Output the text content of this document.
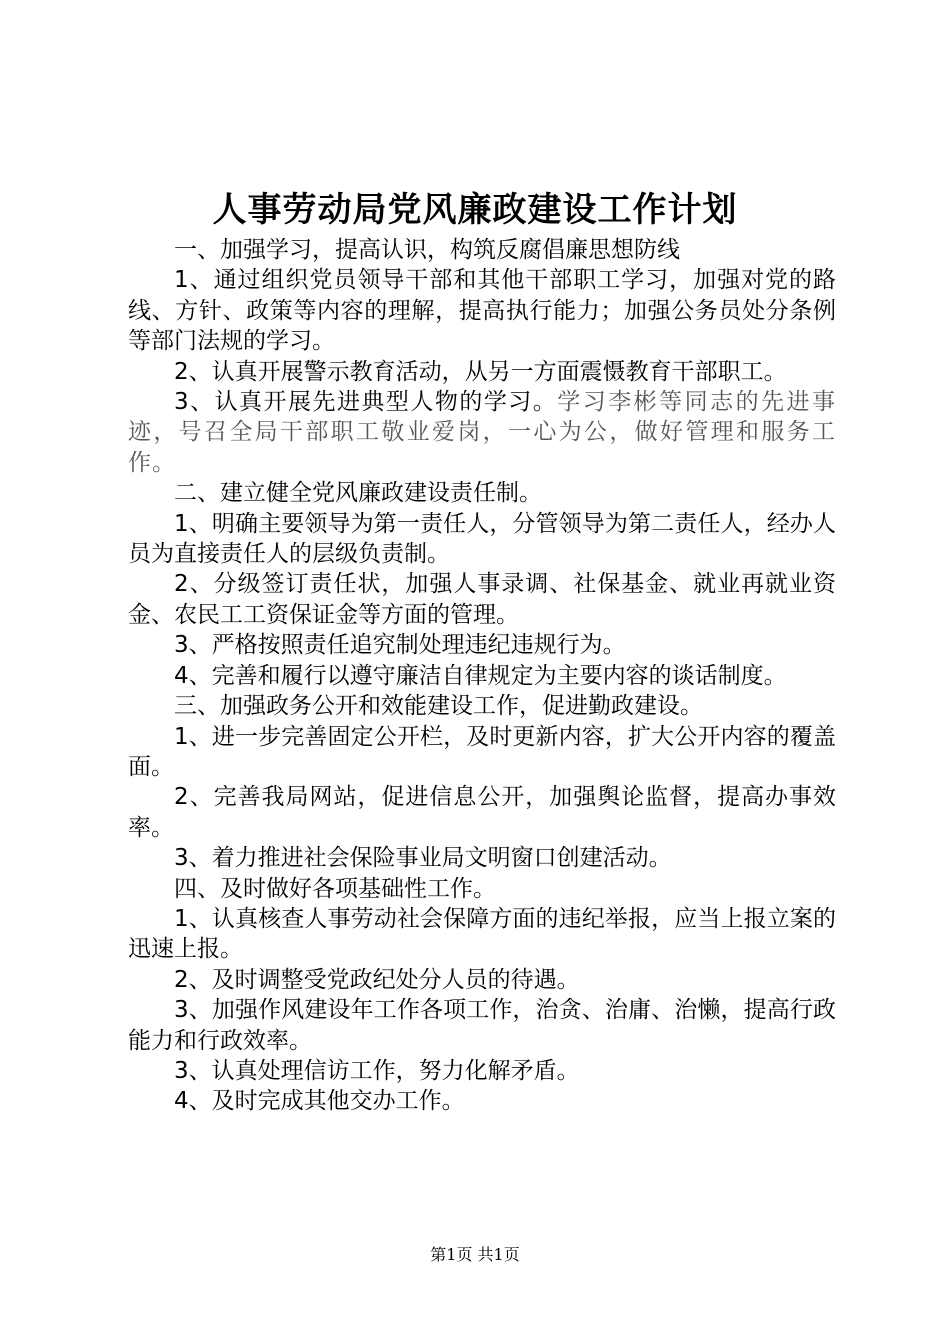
人事劳动局党风廉政建设工作计划

一、加强学习，提高认识，构筑反腐倡廉思想防线

1、通过组织党员领导干部和其他干部职工学习，加强对党的路线、方针、政策等内容的理解，提高执行能力；加强公务员处分条例等部门法规的学习。

2、认真开展警示教育活动，从另一方面震慑教育干部职工。

3、认真开展先进典型人物的学习。学习李彬等同志的先进事迹，号召全局干部职工敬业爱岗，一心为公，做好管理和服务工作。

二、建立健全党风廉政建设责任制。

1、明确主要领导为第一责任人，分管领导为第二责任人，经办人员为直接责任人的层级负责制。

2、分级签订责任状，加强人事录调、社保基金、就业再就业资金、农民工工资保证金等方面的管理。

3、严格按照责任追究制处理违纪违规行为。

4、完善和履行以遵守廉洁自律规定为主要内容的谈话制度。

三、加强政务公开和效能建设工作，促进勤政建设。

1、进一步完善固定公开栏，及时更新内容，扩大公开内容的覆盖面。

2、完善我局网站，促进信息公开，加强舆论监督，提高办事效率。

3、着力推进社会保险事业局文明窗口创建活动。

四、及时做好各项基础性工作。

1、认真核查人事劳动社会保障方面的违纪举报，应当上报立案的迅速上报。

2、及时调整受党政纪处分人员的待遇。

3、加强作风建设年工作各项工作，治贪、治庸、治懒，提高行政能力和行政效率。

3、认真处理信访工作，努力化解矛盾。

4、及时完成其他交办工作。

第1页 共1页
